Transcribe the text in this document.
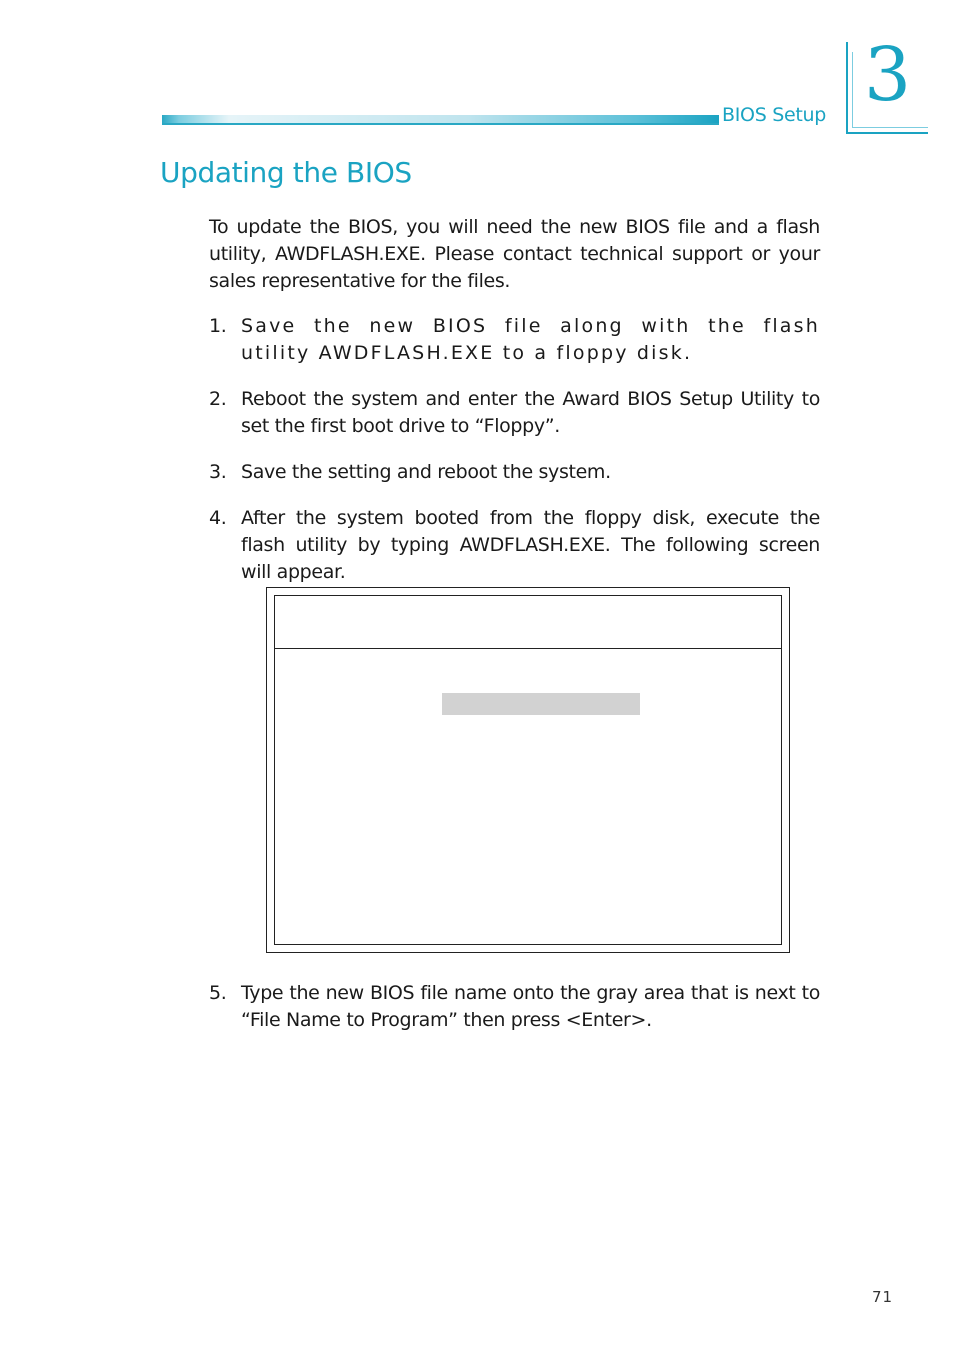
BIOS Setup 3
Updating the BIOS

To update the BIOS, you will need the new BIOS file and a flash utility, AWDFLASH.EXE. Please contact technical support or your sales representative for the files.

1. Save the new BIOS file along with the flash utility AWDFLASH.EXE to a floppy disk.
2. Reboot the system and enter the Award BIOS Setup Utility to set the first boot drive to “Floppy”.
3. Save the setting and reboot the system.
4. After the system booted from the floppy disk, execute the flash utility by typing AWDFLASH.EXE. The following screen will appear.
5. Type the new BIOS file name onto the gray area that is next to “File Name to Program” then press <Enter>.
71
